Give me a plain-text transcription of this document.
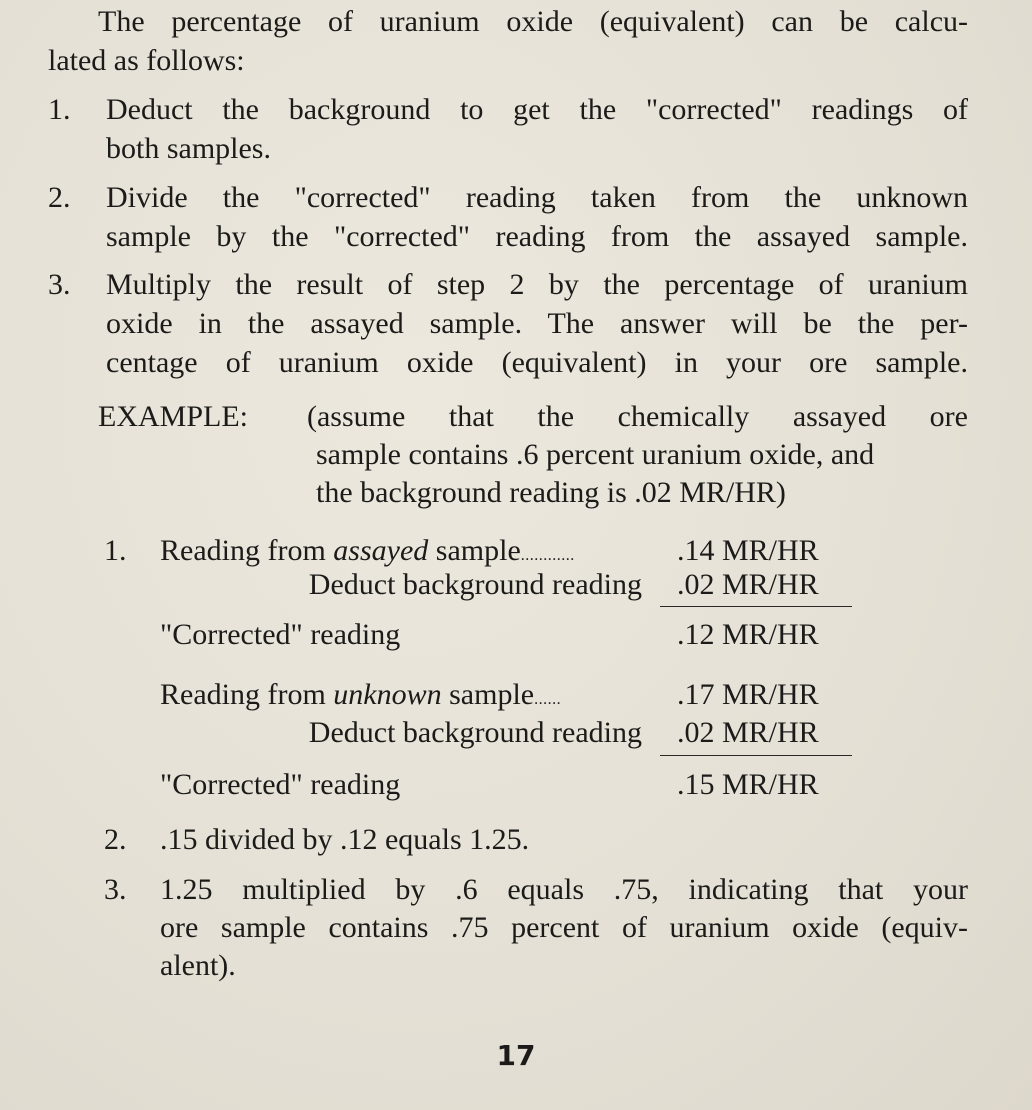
The percentage of uranium oxide (equivalent) can be calcu-
lated as follows:
1. Deduct the background to get the "corrected" readings of
both samples.
2. Divide the "corrected" reading taken from the unknown
sample by the "corrected" reading from the assayed sample.
3. Multiply the result of step 2 by the percentage of uranium
oxide in the assayed sample. The answer will be the per-
centage of uranium oxide (equivalent) in your ore sample.
EXAMPLE: (assume that the chemically assayed ore
sample contains .6 percent uranium oxide, and
the background reading is .02 MR/HR)
1. Reading from assayed sample............	.14 MR/HR
Deduct background reading .02 MR/HR
"Corrected" reading	.12 MR/HR
Reading from unknown sample......	.17 MR/HR
Deduct background reading .02 MR/HR
"Corrected" reading	.15 MR/HR
2. .15 divided by .12 equals 1.25.
3. 1.25 multiplied by .6 equals .75, indicating that your
ore sample contains .75 percent of uranium oxide (equiv-
alent).
17
